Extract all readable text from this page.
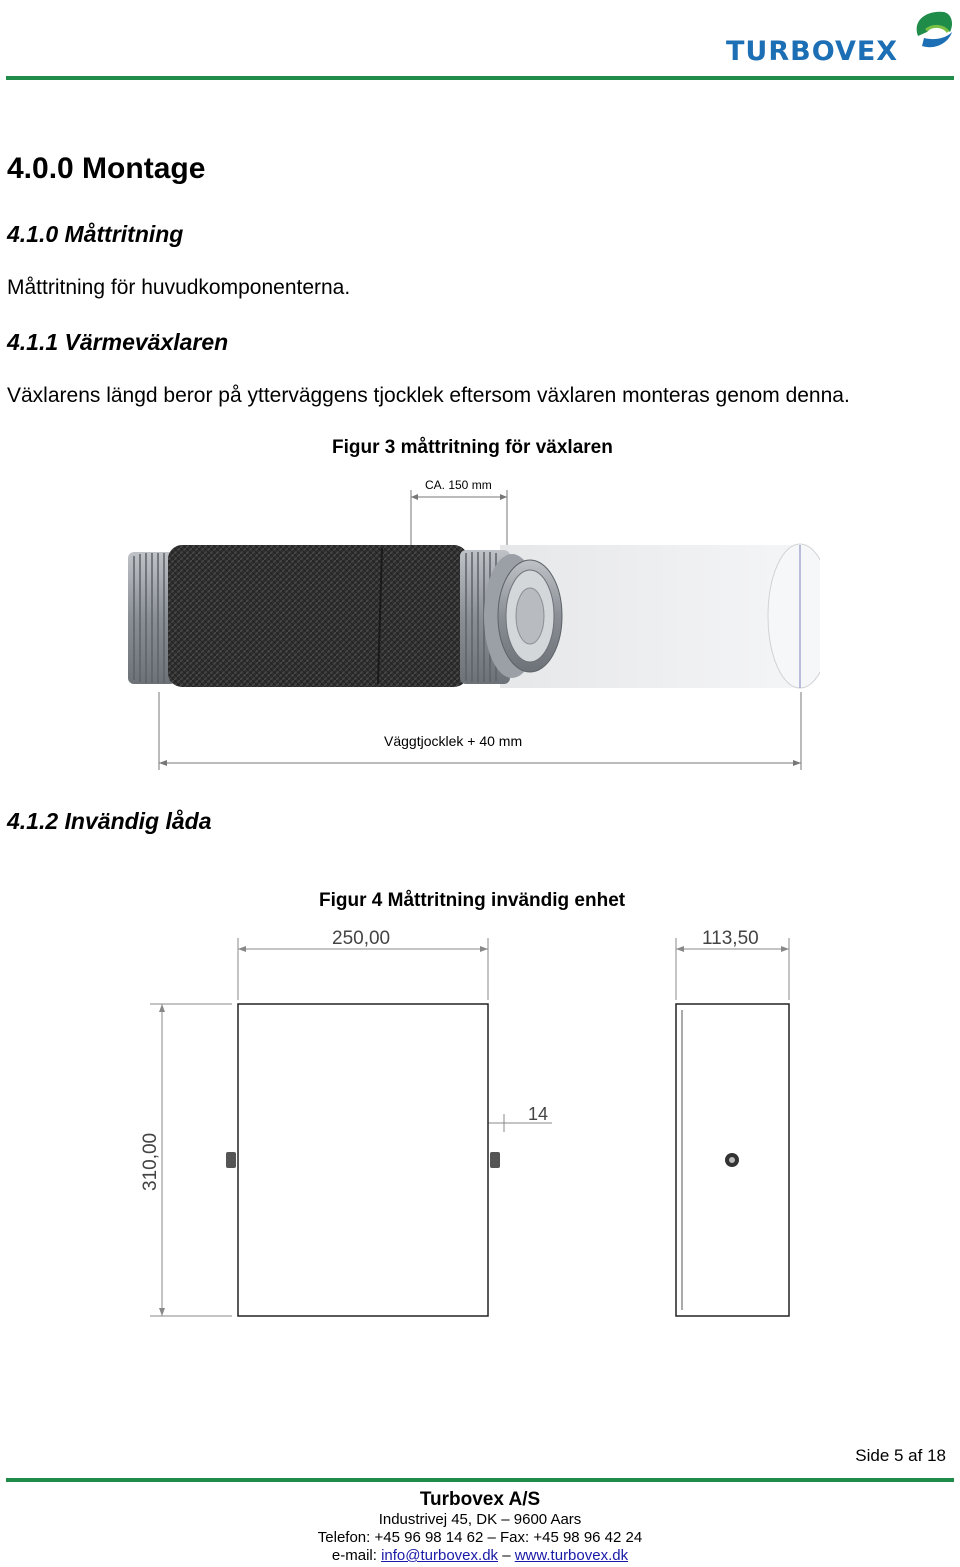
TURBOVEX
4.0.0 Montage
4.1.0 Måttritning
Måttritning för huvudkomponenterna.
4.1.1 Värmeväxlaren
Växlarens längd beror på ytterväggens tjocklek eftersom växlaren monteras genom denna.
Figur 3 måttritning för växlaren
CA. 150 mm
Väggtjocklek + 40 mm
4.1.2 Invändig låda
Figur 4 Måttritning invändig enhet
250,00	113,50
14
310,00
Side 5 af 18
Turbovex A/S
Industrivej 45, DK – 9600 Aars
Telefon: +45 96 98 14 62 – Fax: +45 98 96 42 24
e-mail: info@turbovex.dk – www.turbovex.dk
